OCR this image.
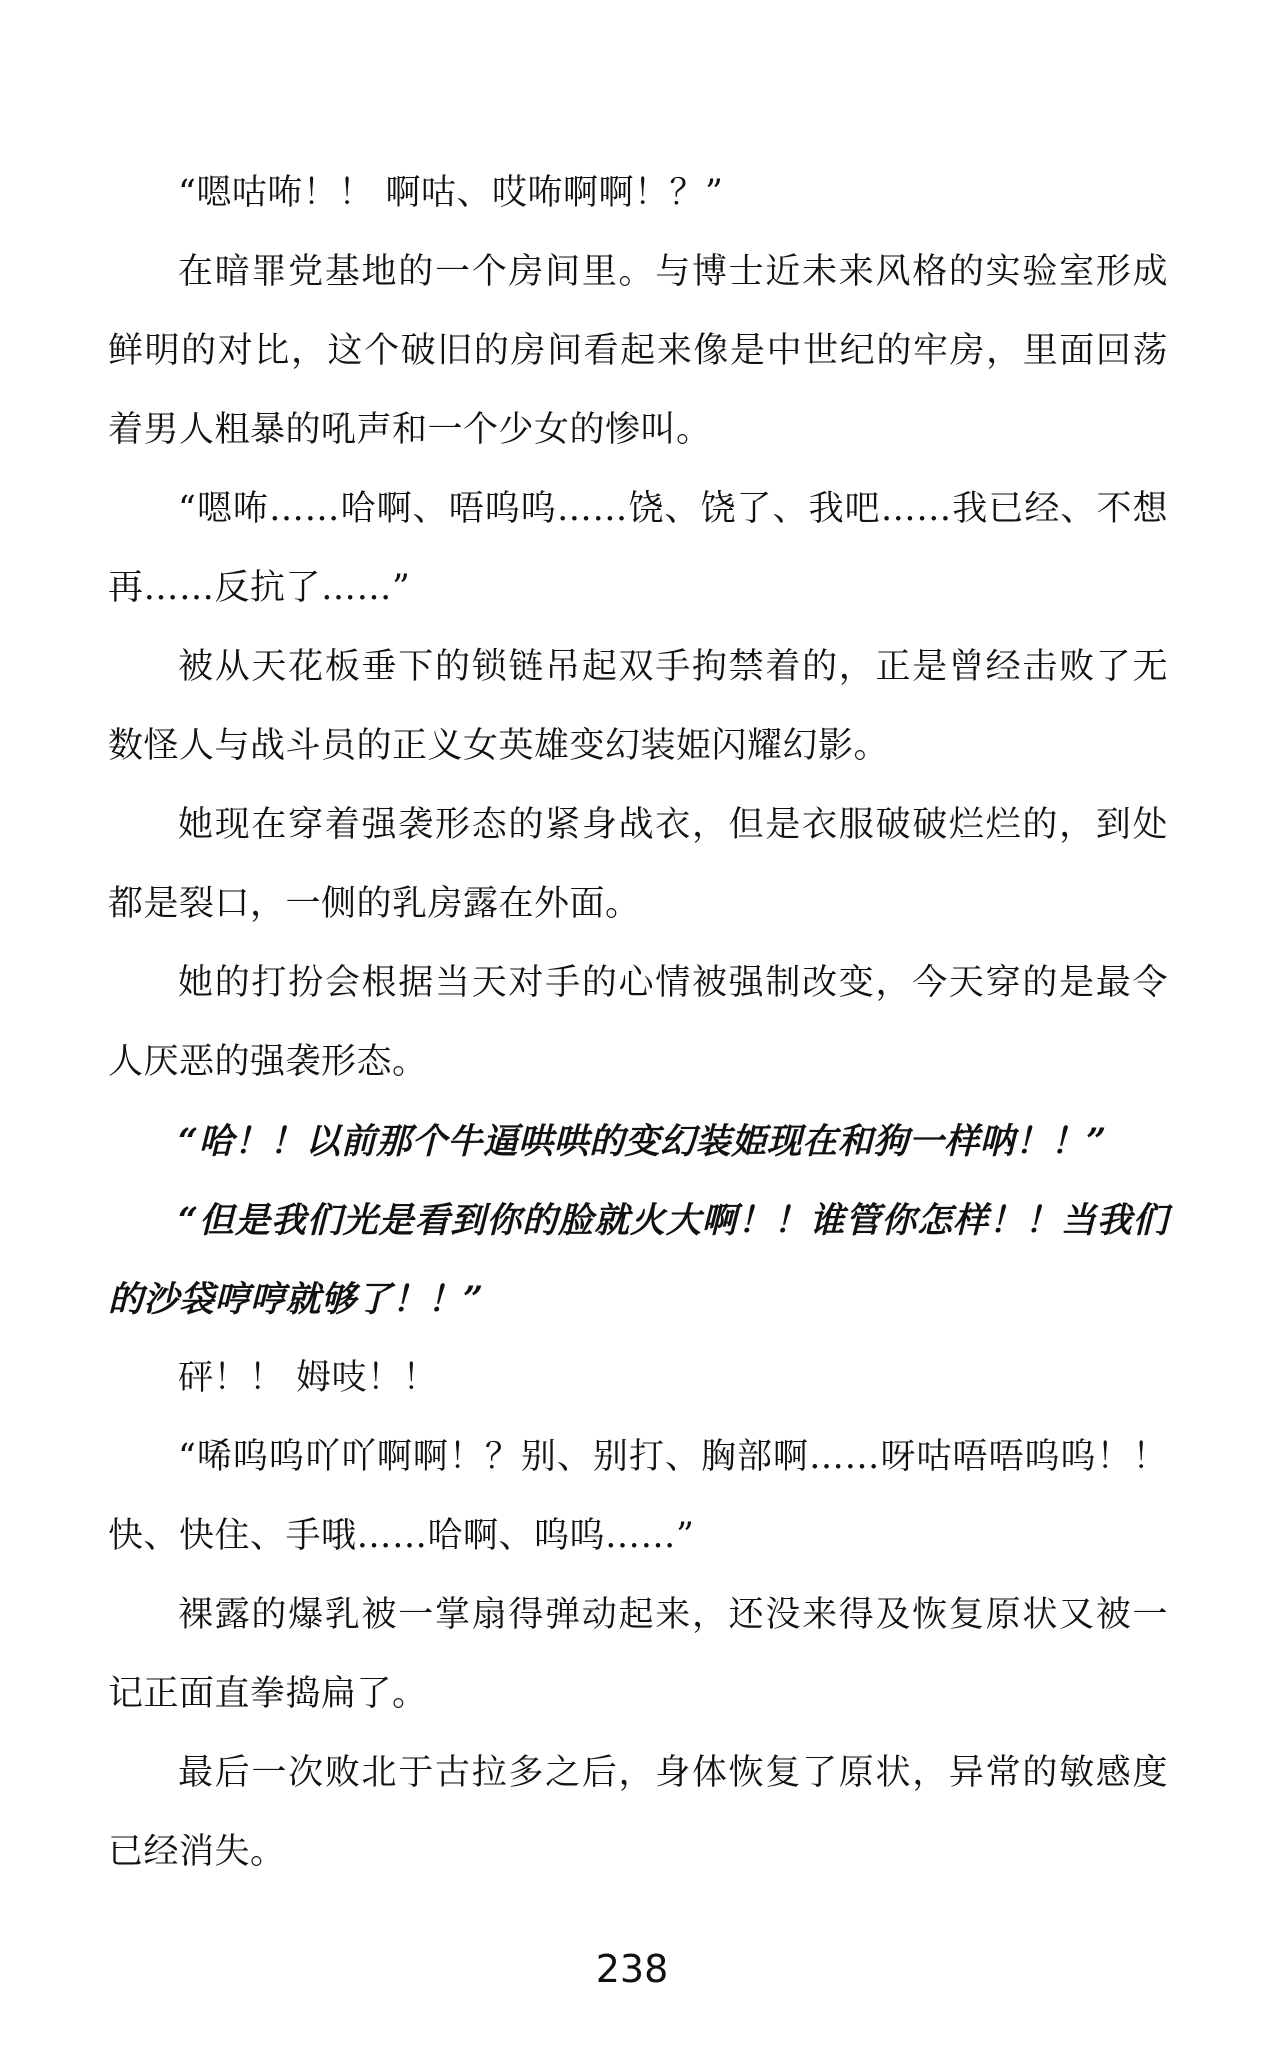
“嗯咕咘！！ 啊咕、哎咘啊啊！？”

在暗罪党基地的一个房间里。与博士近未来风格的实验室形成鲜明的对比，这个破旧的房间看起来像是中世纪的牢房，里面回荡着男人粗暴的吼声和一个少女的惨叫。

“嗯咘……哈啊、唔呜呜……饶、饶了、我吧……我已经、不想再……反抗了……”

被从天花板垂下的锁链吊起双手拘禁着的，正是曾经击败了无数怪人与战斗员的正义女英雄变幻装姫闪耀幻影。

她现在穿着强袭形态的紧身战衣，但是衣服破破烂烂的，到处都是裂口，一侧的乳房露在外面。

她的打扮会根据当天对手的心情被强制改变，今天穿的是最令人厌恶的强袭形态。

“哈！！以前那个牛逼哄哄的变幻装姫现在和狗一样呐！！”

“但是我们光是看到你的脸就火大啊！！谁管你怎样！！当我们的沙袋哼哼就够了！！”

砰！！ 姆吱！！

“唏呜呜吖吖啊啊！？别、别打、胸部啊……呀咕唔唔呜呜！！快、快住、手哦……哈啊、呜呜……”

裸露的爆乳被一掌扇得弹动起来，还没来得及恢复原状又被一记正面直拳捣扁了。

最后一次败北于古拉多之后，身体恢复了原状，异常的敏感度已经消失。

238
